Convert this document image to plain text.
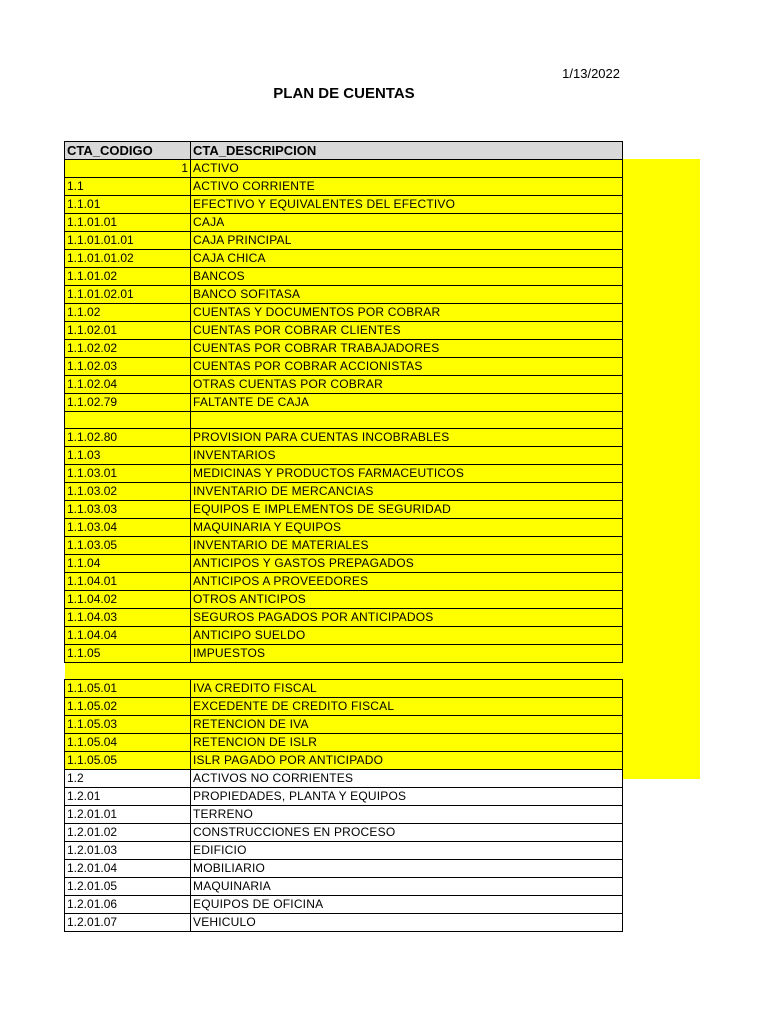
1/13/2022
PLAN DE CUENTAS
CTA_CODIGO	CTA_DESCRIPCION
1	ACTIVO
1.1	ACTIVO CORRIENTE
1.1.01	EFECTIVO Y EQUIVALENTES DEL EFECTIVO
1.1.01.01	CAJA
1.1.01.01.01	CAJA PRINCIPAL
1.1.01.01.02	CAJA CHICA
1.1.01.02	BANCOS
1.1.01.02.01	BANCO SOFITASA
1.1.02	CUENTAS Y DOCUMENTOS POR COBRAR
1.1.02.01	CUENTAS POR COBRAR CLIENTES
1.1.02.02	CUENTAS POR COBRAR TRABAJADORES
1.1.02.03	CUENTAS POR COBRAR ACCIONISTAS
1.1.02.04	OTRAS CUENTAS POR COBRAR
1.1.02.79	FALTANTE DE CAJA

1.1.02.80	PROVISION PARA CUENTAS INCOBRABLES
1.1.03	INVENTARIOS
1.1.03.01	MEDICINAS Y PRODUCTOS FARMACEUTICOS
1.1.03.02	INVENTARIO DE MERCANCIAS
1.1.03.03	EQUIPOS E IMPLEMENTOS DE SEGURIDAD
1.1.03.04	MAQUINARIA Y EQUIPOS
1.1.03.05	INVENTARIO DE MATERIALES
1.1.04	ANTICIPOS Y GASTOS PREPAGADOS
1.1.04.01	ANTICIPOS A PROVEEDORES
1.1.04.02	OTROS ANTICIPOS
1.1.04.03	SEGUROS PAGADOS POR ANTICIPADOS
1.1.04.04	ANTICIPO SUELDO
1.1.05	IMPUESTOS

1.1.05.01	IVA CREDITO FISCAL
1.1.05.02	EXCEDENTE DE CREDITO FISCAL
1.1.05.03	RETENCION DE IVA
1.1.05.04	RETENCION DE ISLR
1.1.05.05	ISLR PAGADO POR ANTICIPADO
1.2	ACTIVOS NO CORRIENTES
1.2.01	PROPIEDADES, PLANTA Y EQUIPOS
1.2.01.01	TERRENO
1.2.01.02	CONSTRUCCIONES EN PROCESO
1.2.01.03	EDIFICIO
1.2.01.04	MOBILIARIO
1.2.01.05	MAQUINARIA
1.2.01.06	EQUIPOS DE OFICINA
1.2.01.07	VEHICULO
